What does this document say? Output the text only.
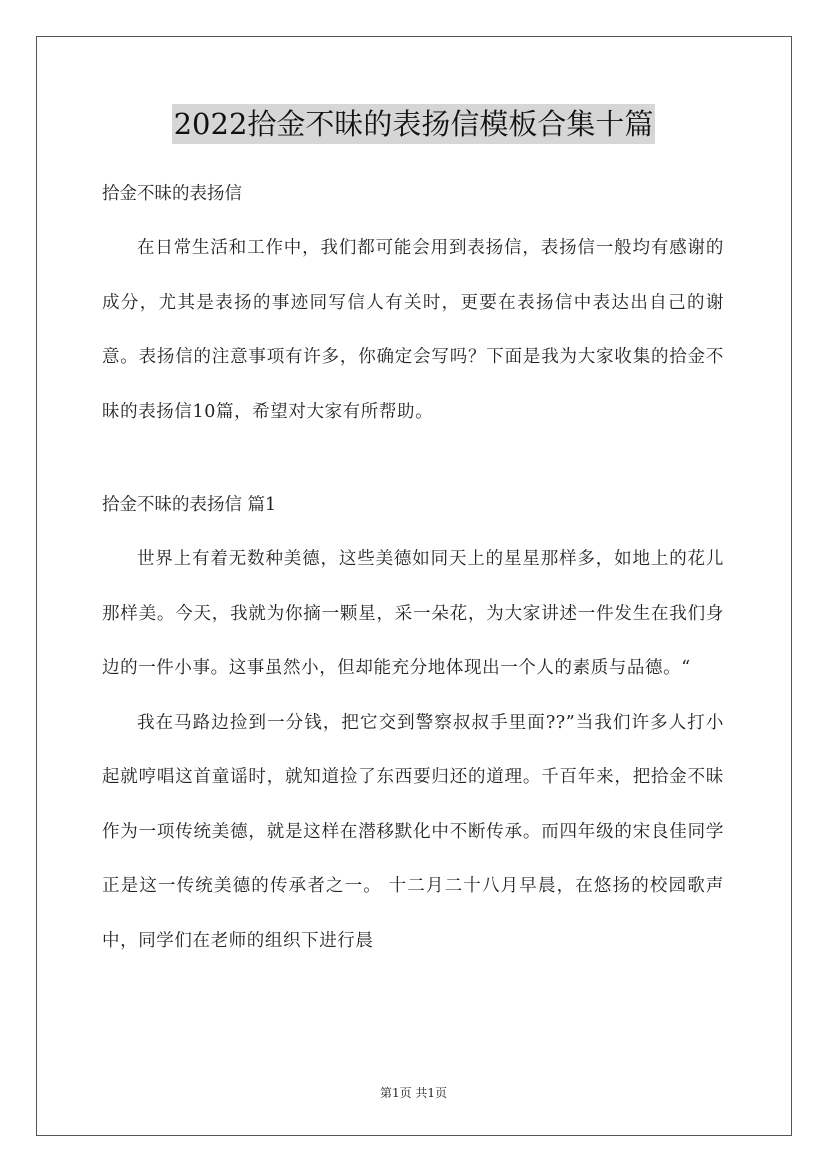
2022拾金不昧的表扬信模板合集十篇

拾金不昧的表扬信

在日常生活和工作中，我们都可能会用到表扬信，表扬信一般均有感谢的成分，尤其是表扬的事迹同写信人有关时，更要在表扬信中表达出自己的谢意。表扬信的注意事项有许多，你确定会写吗？下面是我为大家收集的拾金不昧的表扬信10篇，希望对大家有所帮助。

拾金不昧的表扬信 篇1

世界上有着无数种美德，这些美德如同天上的星星那样多，如地上的花儿那样美。今天，我就为你摘一颗星，采一朵花，为大家讲述一件发生在我们身边的一件小事。这事虽然小，但却能充分地体现出一个人的素质与品德。“

我在马路边捡到一分钱，把它交到警察叔叔手里面??”当我们许多人打小起就哼唱这首童谣时，就知道捡了东西要归还的道理。千百年来，把拾金不昧作为一项传统美德，就是这样在潜移默化中不断传承。而四年级的宋良佳同学正是这一传统美德的传承者之一。 十二月二十八月早晨，在悠扬的校园歌声中，同学们在老师的组织下进行晨

第1页 共1页
